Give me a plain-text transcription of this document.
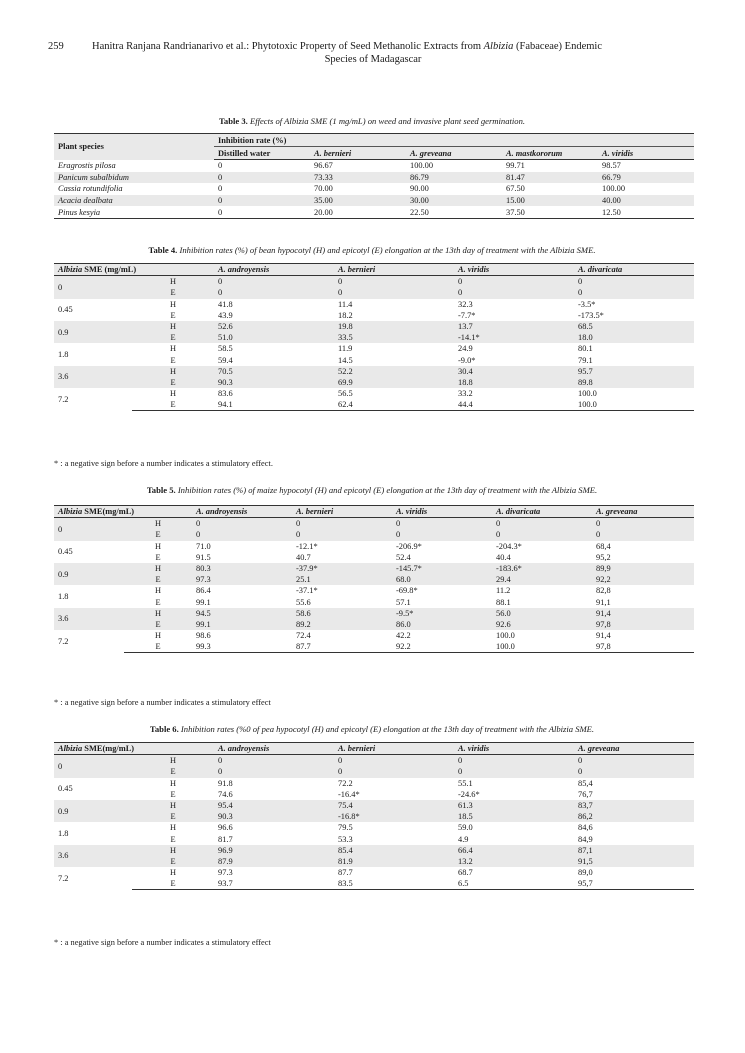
259	Hanitra Ranjana Randrianarivo et al.: Phytotoxic Property of Seed Methanolic Extracts from Albizia (Fabaceae) Endemic
Species of Madagascar
Table 3. Effects of Albizia SME (1 mg/mL) on weed and invasive plant seed germination.
Plant species	Inhibition rate (%)				
	Distilled water	A. bernieri	A. greveana	A. mastkororum	A. viridis
Eragrostis pilosa	0	96.67	100.00	99.71	98.57
Panicum subalbidum	0	73.33	86.79	81.47	66.79
Cassia rotundifolia	0	70.00	90.00	67.50	100.00
Acacia dealbata	0	35.00	30.00	15.00	40.00
Pinus kesyia	0	20.00	22.50	37.50	12.50
Table 4. Inhibition rates (%) of bean hypocotyl (H) and epicotyl (E) elongation at the 13th day of treatment with the Albizia SME.
Albizia SME (mg/mL)		A. androyensis	A. bernieri	A. viridis	A. divaricata
0	H	0	0	0	0
	E	0	0	0	0
0.45	H	41.8	11.4	32.3	-3.5*
	E	43.9	18.2	-7.7*	-173.5*
0.9	H	52.6	19.8	13.7	68.5
	E	51.0	33.5	-14.1*	18.0
1.8	H	58.5	11.9	24.9	80.1
	E	59.4	14.5	-9.0*	79.1
3.6	H	70.5	52.2	30.4	95.7
	E	90.3	69.9	18.8	89.8
7.2	H	83.6	56.5	33.2	100.0
	E	94.1	62.4	44.4	100.0
* : a negative sign before a number indicates a stimulatory effect.
Table 5. Inhibition rates (%) of maize hypocotyl (H) and epicotyl (E) elongation at the 13th day of treatment with the Albizia SME.
Albizia SME(mg/mL)		A. androyensis	A. bernieri	A. viridis	A. divaricata	A. greveana
0	H	0	0	0	0	0
	E	0	0	0	0	0
0.45	H	71.0	-12.1*	-206.9*	-204.3*	68,4
	E	91.5	40.7	52.4	40.4	95,2
0.9	H	80.3	-37.9*	-145.7*	-183.6*	89,9
	E	97.3	25.1	68.0	29.4	92,2
1.8	H	86.4	-37.1*	-69.8*	11.2	82,8
	E	99.1	55.6	57.1	88.1	91,1
3.6	H	94.5	58.6	-9.5*	56.0	91,4
	E	99.1	89.2	86.0	92.6	97,8
7.2	H	98.6	72.4	42.2	100.0	91,4
	E	99.3	87.7	92.2	100.0	97,8
* : a negative sign before a number indicates a stimulatory effect
Table 6. Inhibition rates (%0 of pea hypocotyl (H) and epicotyl (E) elongation at the 13th day of treatment with the Albizia SME.
Albizia SME(mg/mL)		A. androyensis	A. bernieri	A. viridis	A. greveana
0	H	0	0	0	0
	E	0	0	0	0
0.45	H	91.8	72.2	55.1	85,4
	E	74.6	-16.4*	-24.6*	76,7
0.9	H	95.4	75.4	61.3	83,7
	E	90.3	-16.8*	18.5	86,2
1.8	H	96.6	79.5	59.0	84,6
	E	81.7	53.3	4.9	84,9
3.6	H	96.9	85.4	66.4	87,1
	E	87.9	81.9	13.2	91,5
7.2	H	97.3	87.7	68.7	89,0
	E	93.7	83.5	6.5	95,7
* : a negative sign before a number indicates a stimulatory effect
